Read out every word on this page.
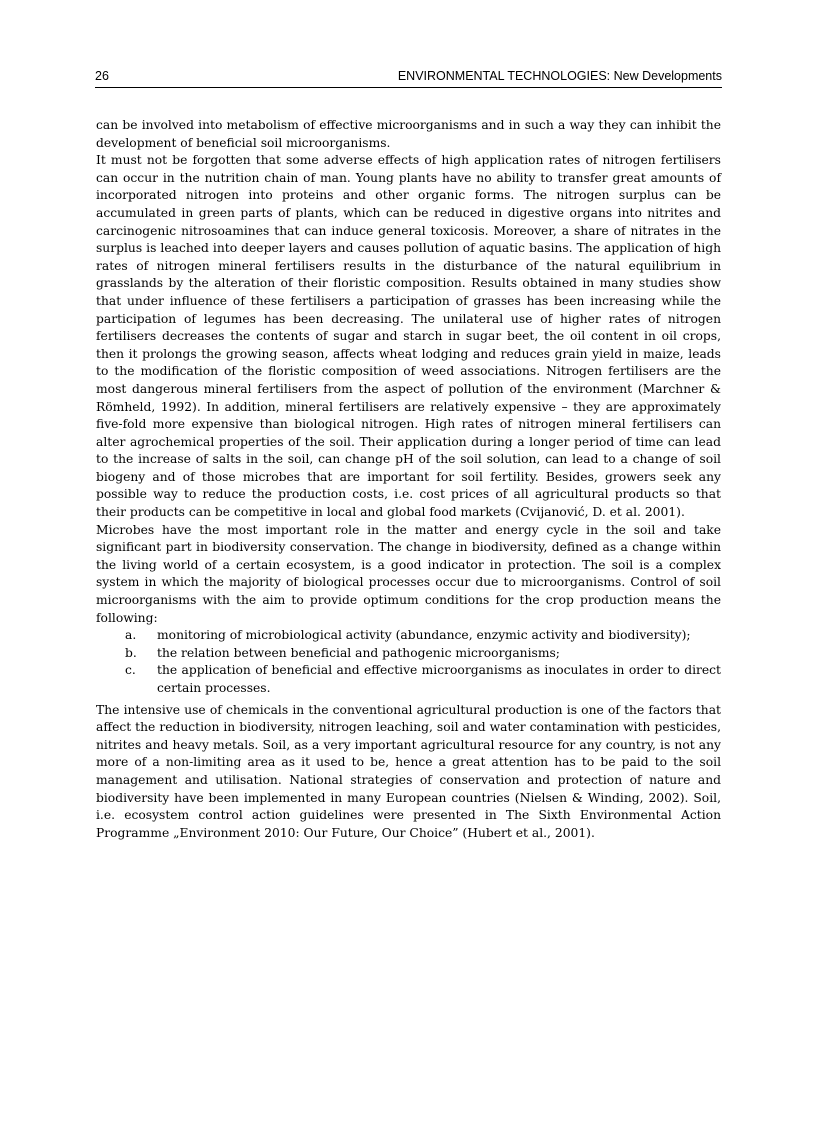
26	ENVIRONMENTAL TECHNOLOGIES: New Developments

can be involved into metabolism of effective microorganisms and in such a way they can inhibit the development of beneficial soil microorganisms.

It must not be forgotten that some adverse effects of high application rates of nitrogen fertilisers can occur in the nutrition chain of man. Young plants have no ability to transfer great amounts of incorporated nitrogen into proteins and other organic forms. The nitrogen surplus can be accumulated in green parts of plants, which can be reduced in digestive organs into nitrites and carcinogenic nitrosoamines that can induce general toxicosis. Moreover, a share of nitrates in the surplus is leached into deeper layers and causes pollution of aquatic basins. The application of high rates of nitrogen mineral fertilisers results in the disturbance of the natural equilibrium in grasslands by the alteration of their floristic composition. Results obtained in many studies show that under influence of these fertilisers a participation of grasses has been increasing while the participation of legumes has been decreasing. The unilateral use of higher rates of nitrogen fertilisers decreases the contents of sugar and starch in sugar beet, the oil content in oil crops, then it prolongs the growing season, affects wheat lodging and reduces grain yield in maize, leads to the modification of the floristic composition of weed associations. Nitrogen fertilisers are the most dangerous mineral fertilisers from the aspect of pollution of the environment (Marchner & Römheld, 1992). In addition, mineral fertilisers are relatively expensive – they are approximately five-fold more expensive than biological nitrogen. High rates of nitrogen mineral fertilisers can alter agrochemical properties of the soil. Their application during a longer period of time can lead to the increase of salts in the soil, can change pH of the soil solution, can lead to a change of soil biogeny and of those microbes that are important for soil fertility. Besides, growers seek any possible way to reduce the production costs, i.e. cost prices of all agricultural products so that their products can be competitive in local and global food markets (Cvijanović, D. et al. 2001).

Microbes have the most important role in the matter and energy cycle in the soil and take significant part in biodiversity conservation. The change in biodiversity, defined as a change within the living world of a certain ecosystem, is a good indicator in protection. The soil is a complex system in which the majority of biological processes occur due to microorganisms. Control of soil microorganisms with the aim to provide optimum conditions for the crop production means the following:

a. monitoring of microbiological activity (abundance, enzymic activity and biodiversity);
b. the relation between beneficial and pathogenic microorganisms;
c. the application of beneficial and effective microorganisms as inoculates in order to direct certain processes.

The intensive use of chemicals in the conventional agricultural production is one of the factors that affect the reduction in biodiversity, nitrogen leaching, soil and water contamination with pesticides, nitrites and heavy metals. Soil, as a very important agricultural resource for any country, is not any more of a non-limiting area as it used to be, hence a great attention has to be paid to the soil management and utilisation. National strategies of conservation and protection of nature and biodiversity have been implemented in many European countries (Nielsen & Winding, 2002). Soil, i.e. ecosystem control action guidelines were presented in The Sixth Environmental Action Programme „Environment 2010: Our Future, Our Choice” (Hubert et al., 2001).
